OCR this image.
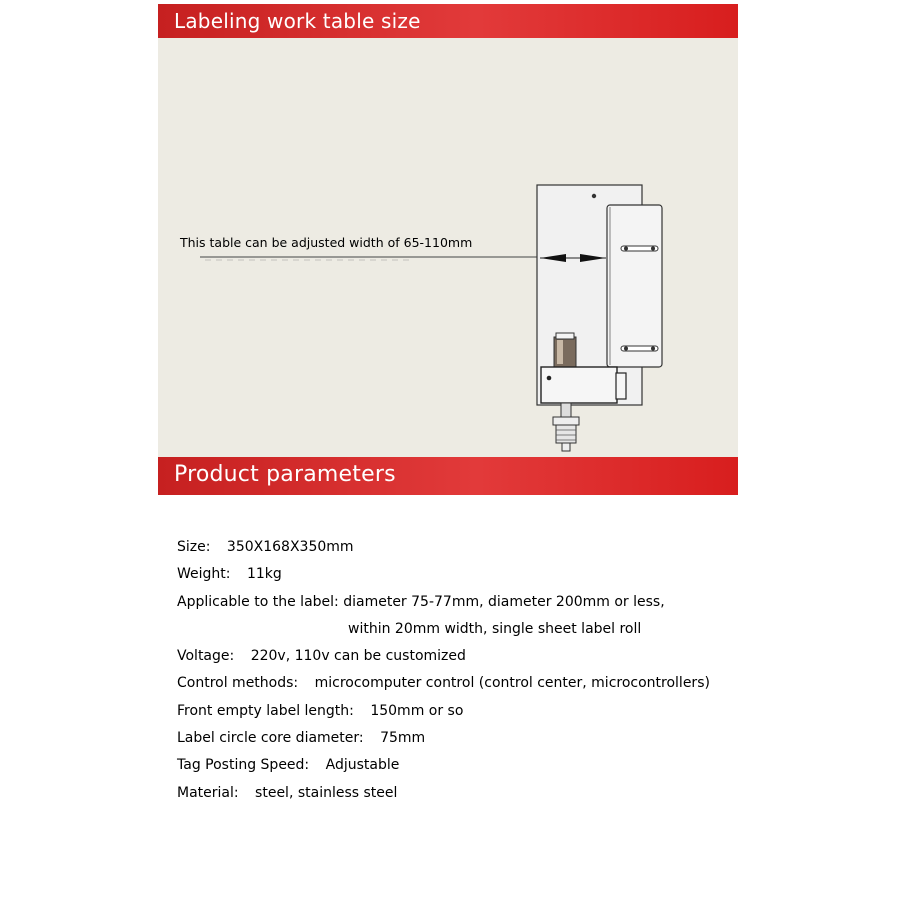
Labeling work table size
This table can be adjusted width of 65-110mm
Product parameters
Size: 350X168X350mm
Weight: 11kg
Applicable to the label: diameter 75-77mm, diameter 200mm or less,
within 20mm width, single sheet label roll
Voltage: 220v, 110v can be customized
Control methods: microcomputer control (control center, microcontrollers)
Front empty label length: 150mm or so
Label circle core diameter: 75mm
Tag Posting Speed: Adjustable
Material: steel, stainless steel
